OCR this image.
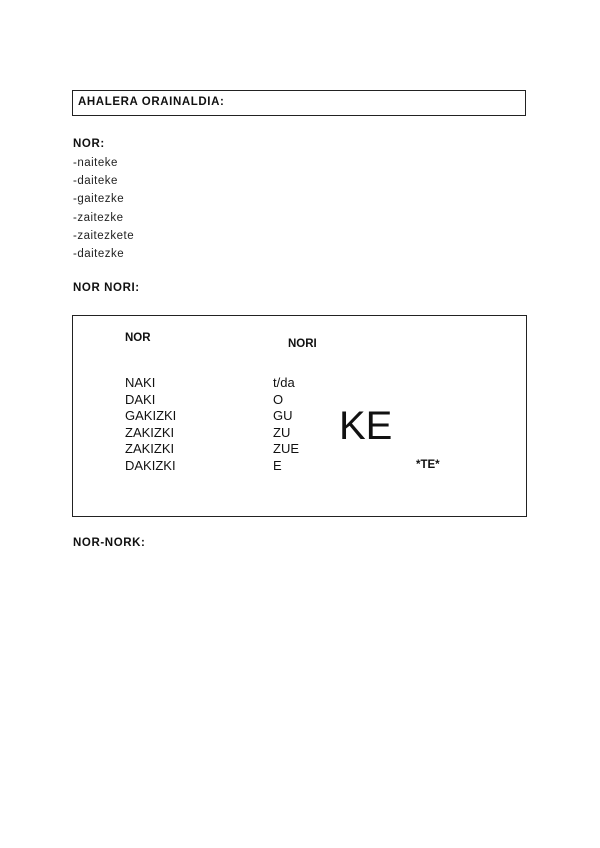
AHALERA ORAINALDIA:
NOR:
-naiteke
-daiteke
-gaitezke
-zaitezke
-zaitezkete
-daitezke
NOR NORI:
NOR	NORI
NAKI
DAKI
GAKIZKI
ZAKIZKI
ZAKIZKI
DAKIZKI
t/da
O
GU
ZU
ZUE
E
KE
*TE*
NOR-NORK:
